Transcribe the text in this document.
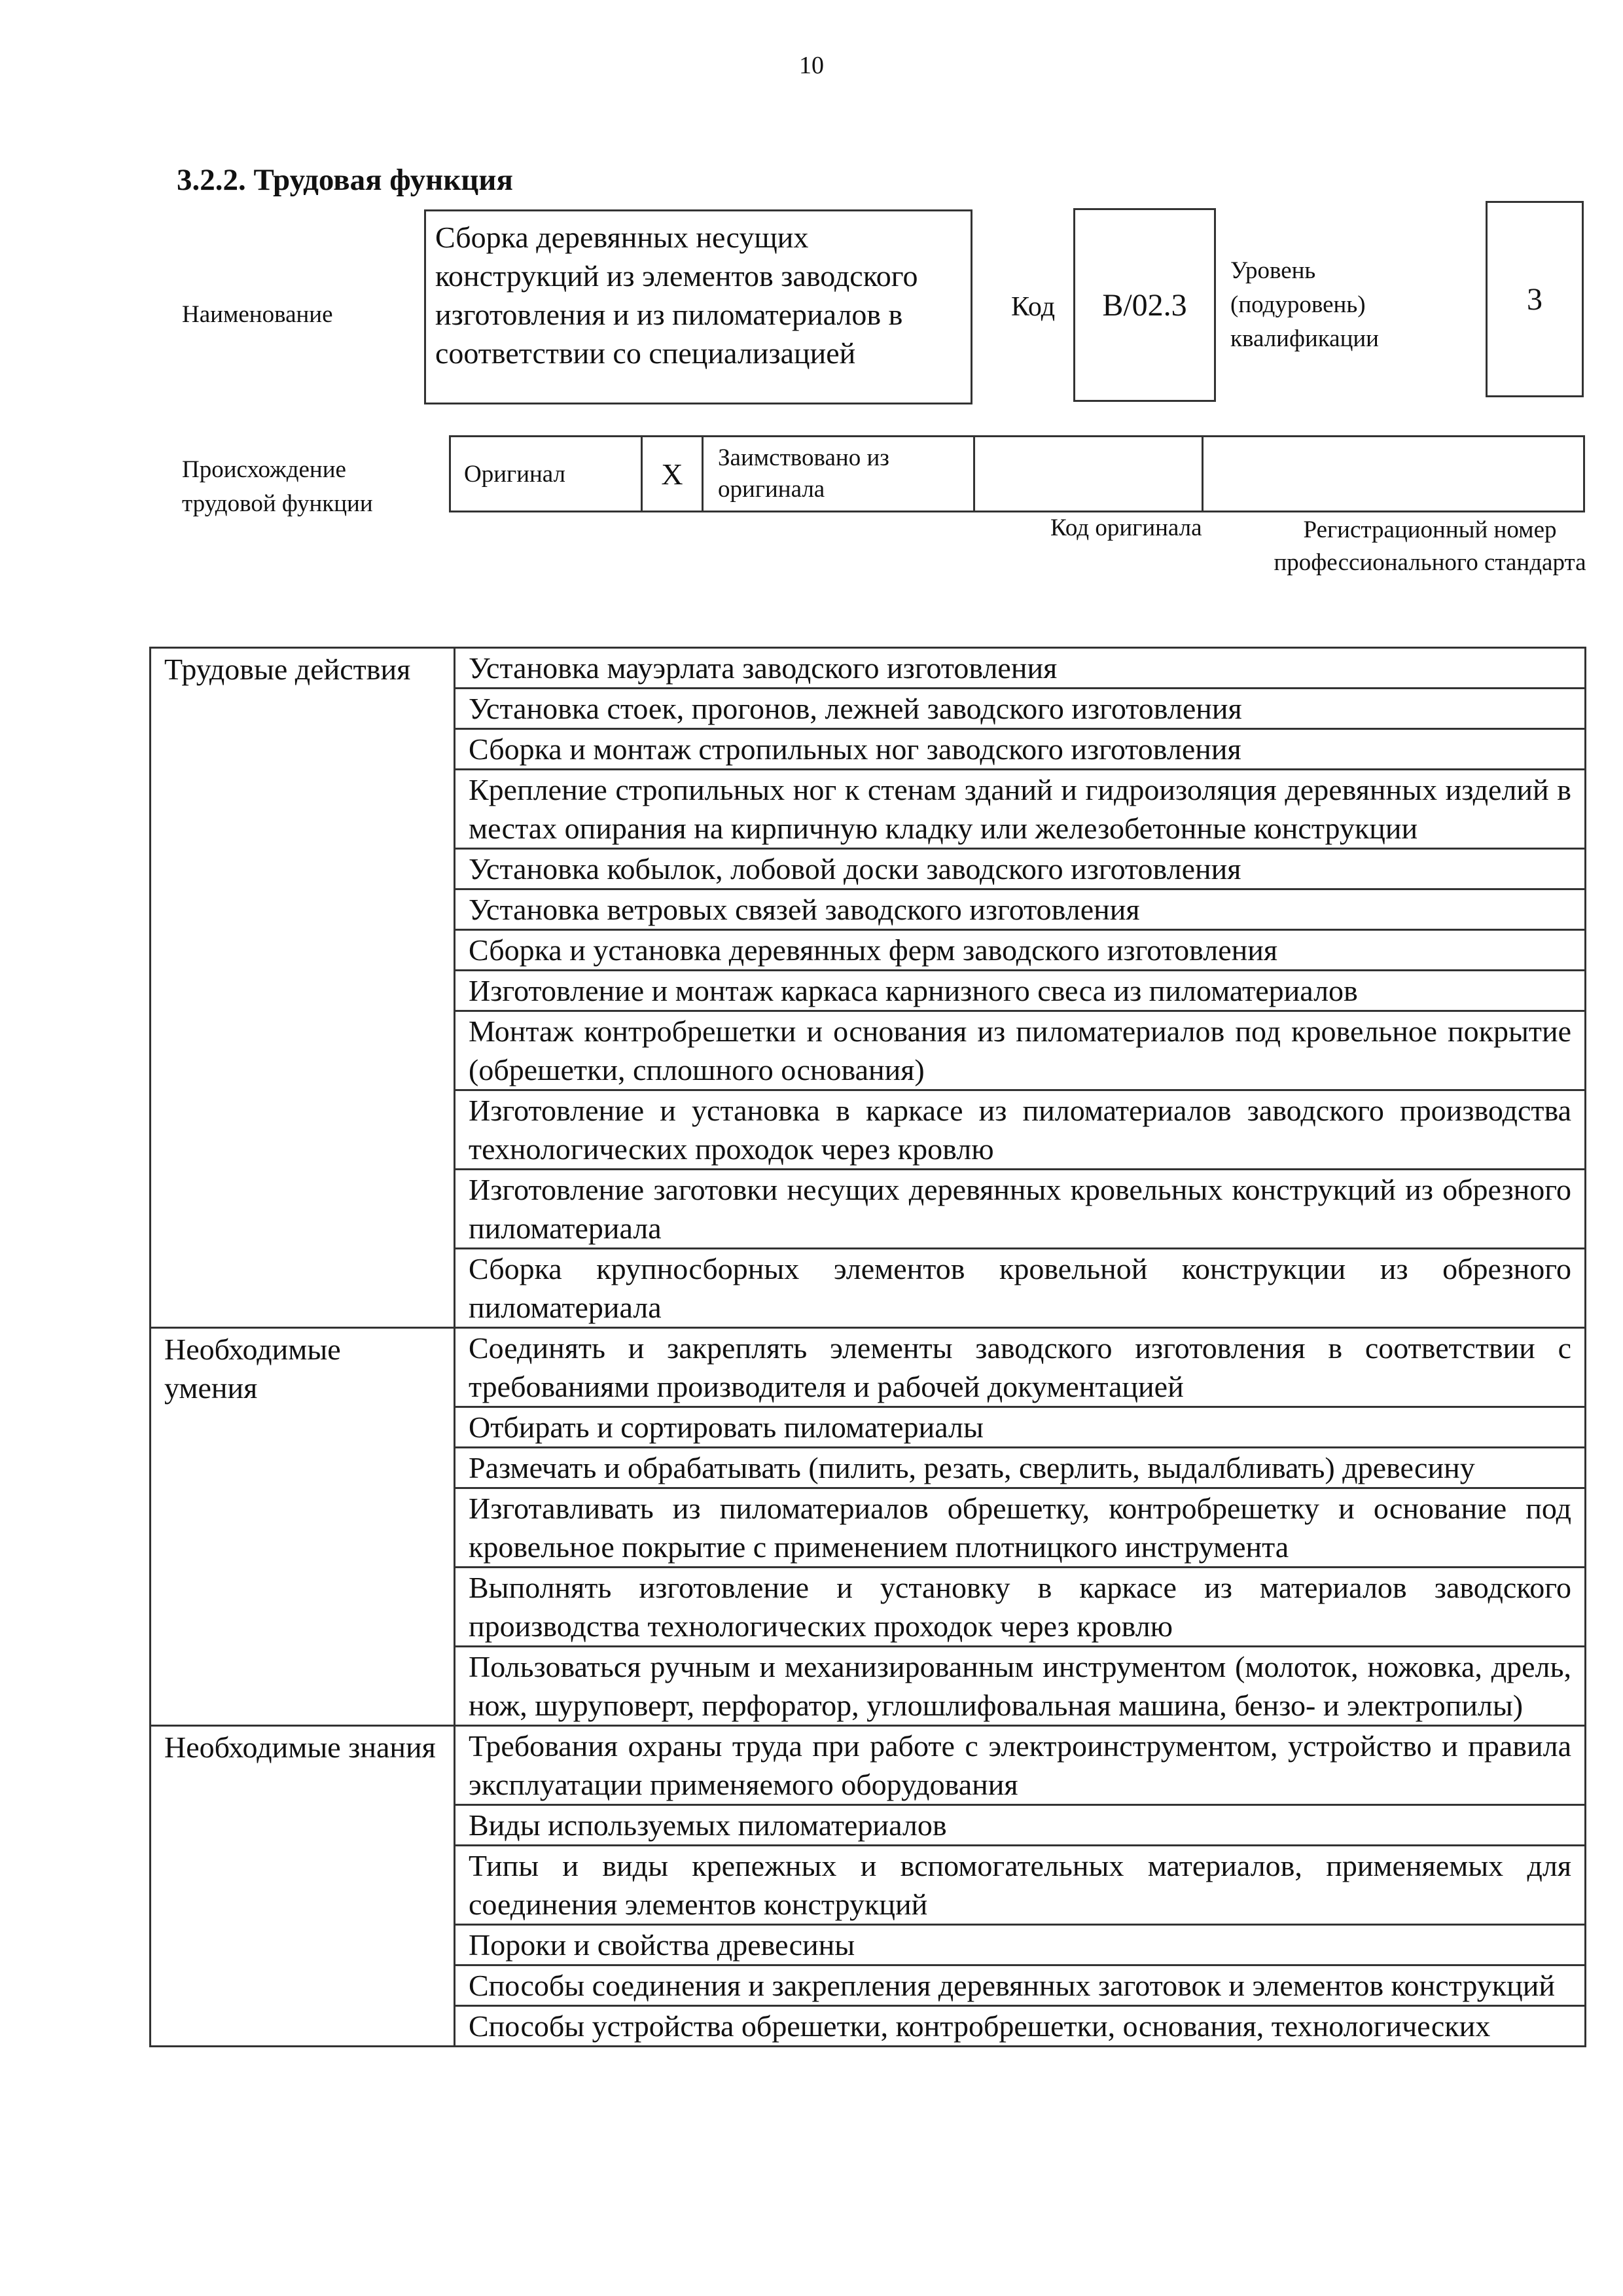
10
3.2.2. Трудовая функция
Наименование
Сборка деревянных несущих конструкций из элементов заводского изготовления и из пиломатериалов в соответствии со специализацией
Код	B/02.3
Уровень (подуровень) квалификации
3
Происхождение трудовой функции
Оригинал	X	Заимствовано из оригинала		
Код оригинала	Регистрационный номер профессионального стандарта
Трудовые действия	Установка мауэрлата заводского изготовления
	Установка стоек, прогонов, лежней заводского изготовления
	Сборка и монтаж стропильных ног заводского изготовления
	Крепление стропильных ног к стенам зданий и гидроизоляция деревянных изделий в местах опирания на кирпичную кладку или железобетонные конструкции
	Установка кобылок, лобовой доски заводского изготовления
	Установка ветровых связей заводского изготовления
	Сборка и установка деревянных ферм заводского изготовления
	Изготовление и монтаж каркаса карнизного свеса из пиломатериалов
	Монтаж контробрешетки и основания из пиломатериалов под кровельное покрытие (обрешетки, сплошного основания)
	Изготовление и установка в каркасе из пиломатериалов заводского производства технологических проходок через кровлю
	Изготовление заготовки несущих деревянных кровельных конструкций из обрезного пиломатериала
	Сборка крупносборных элементов кровельной конструкции из обрезного пиломатериала
Необходимые умения	Соединять и закреплять элементы заводского изготовления в соответствии с требованиями производителя и рабочей документацией
	Отбирать и сортировать пиломатериалы
	Размечать и обрабатывать (пилить, резать, сверлить, выдалбливать) древесину
	Изготавливать из пиломатериалов обрешетку, контробрешетку и основание под кровельное покрытие с применением плотницкого инструмента
	Выполнять изготовление и установку в каркасе из материалов заводского производства технологических проходок через кровлю
	Пользоваться ручным и механизированным инструментом (молоток, ножовка, дрель, нож, шуруповерт, перфоратор, углошлифовальная машина, бензо- и электропилы)
Необходимые знания	Требования охраны труда при работе с электроинструментом, устройство и правила эксплуатации применяемого оборудования
	Виды используемых пиломатериалов
	Типы и виды крепежных и вспомогательных материалов, применяемых для соединения элементов конструкций
	Пороки и свойства древесины
	Способы соединения и закрепления деревянных заготовок и элементов конструкций
	Способы устройства обрешетки, контробрешетки, основания, технологических
